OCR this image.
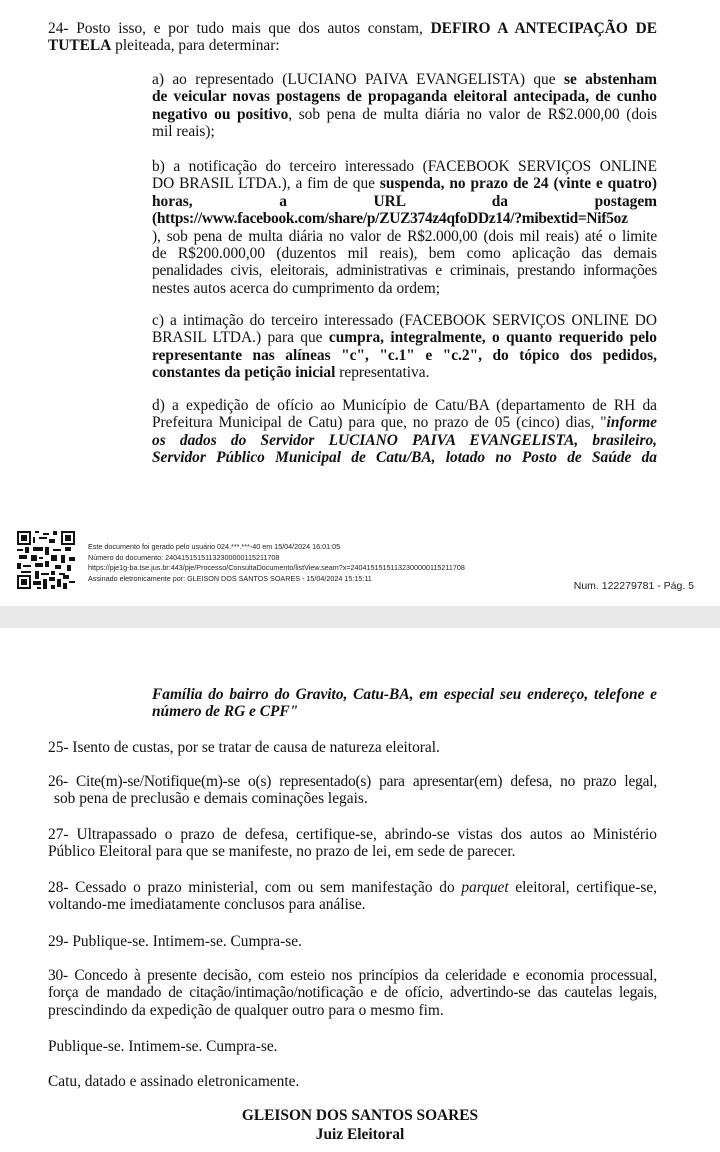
24- Posto isso, e por tudo mais que dos autos constam, DEFIRO A ANTECIPAÇÃO DE
TUTELA pleiteada, para determinar:

a) ao representado (LUCIANO PAIVA EVANGELISTA) que se abstenham
de veicular novas postagens de propaganda eleitoral antecipada, de cunho
negativo ou positivo, sob pena de multa diária no valor de R$2.000,00 (dois
mil reais);

b) a notificação do terceiro interessado (FACEBOOK SERVIÇOS ONLINE
DO BRASIL LTDA.), a fim de que suspenda, no prazo de 24 (vinte e quatro)
horas, a URL da postagem
(https://www.facebook.com/share/p/ZUZ374z4qfoDDz14/?mibextid=Nif5oz
), sob pena de multa diária no valor de R$2.000,00 (dois mil reais) até o limite
de R$200.000,00 (duzentos mil reais), bem como aplicação das demais
penalidades civis, eleitorais, administrativas e criminais, prestando informações
nestes autos acerca do cumprimento da ordem;

c) a intimação do terceiro interessado (FACEBOOK SERVIÇOS ONLINE DO
BRASIL LTDA.) para que cumpra, integralmente, o quanto requerido pelo
representante nas alíneas "c", "c.1" e "c.2", do tópico dos pedidos,
constantes da petição inicial representativa.

d) a expedição de ofício ao Município de Catu/BA (departamento de RH da
Prefeitura Municipal de Catu) para que, no prazo de 05 (cinco) dias, "informe
os dados do Servidor LUCIANO PAIVA EVANGELISTA, brasileiro,
Servidor Público Municipal de Catu/BA, lotado no Posto de Saúde da

Este documento foi gerado pelo usuário 024.***.***-40 em 15/04/2024 16:01:05
Número do documento: 24041515151132300000115211708
https://pje1g-ba.tse.jus.br:443/pje/Processo/ConsultaDocumento/listView.seam?x=24041515151132300000115211708
Assinado eletronicamente por: GLEISON DOS SANTOS SOARES - 15/04/2024 15:15:11
Num. 122279781 - Pág. 5

Família do bairro do Gravito, Catu-BA, em especial seu endereço, telefone e
número de RG e CPF"

25- Isento de custas, por se tratar de causa de natureza eleitoral.

26- Cite(m)-se/Notifique(m)-se o(s) representado(s) para apresentar(em) defesa, no prazo legal,
sob pena de preclusão e demais cominações legais.

27- Ultrapassado o prazo de defesa, certifique-se, abrindo-se vistas dos autos ao Ministério
Público Eleitoral para que se manifeste, no prazo de lei, em sede de parecer.

28- Cessado o prazo ministerial, com ou sem manifestação do parquet eleitoral, certifique-se,
voltando-me imediatamente conclusos para análise.

29- Publique-se. Intimem-se. Cumpra-se.

30- Concedo à presente decisão, com esteio nos princípios da celeridade e economia processual,
força de mandado de citação/intimação/notificação e de ofício, advertindo-se das cautelas legais,
prescindindo da expedição de qualquer outro para o mesmo fim.

Publique-se. Intimem-se. Cumpra-se.

Catu, datado e assinado eletronicamente.

GLEISON DOS SANTOS SOARES
Juiz Eleitoral
